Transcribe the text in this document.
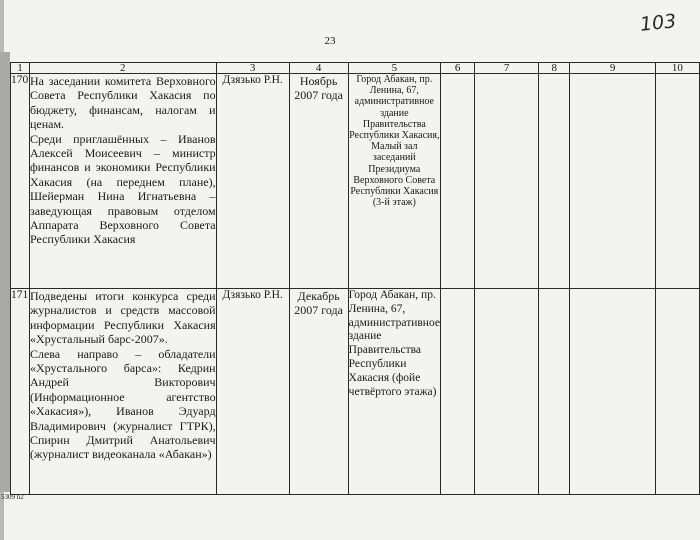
23
103
5309 h2
1	2	3	4	5	6	7	8	9	10
170	На заседании комитета Верховного Совета Республики Хакасия по бюджету, финансам, налогам и ценам.

Среди приглашённых – Иванов Алексей Моисеевич – министр финансов и экономики Республики Хакасия (на переднем плане), Шейерман Нина Игнатьевна – заведующая правовым отделом Аппарата Верховного Совета Республики Хакасия	Дзязько Р.Н.	Ноябрь 2007 года	Город Абакан, пр. Ленина, 67, административное здание Правительства Республики Хакасия, Малый зал заседаний Президиума Верховного Совета Республики Хакасия (3-й этаж)					
171	Подведены итоги конкурса среди журналистов и средств массовой информации Республики Хакасия «Хрустальный барс-2007».

Слева направо – обладатели «Хрустального барса»: Кедрин Андрей Викторович (Информационное агентство «Хакасия»), Иванов Эдуард Владимирович (журналист ГТРК), Спирин Дмитрий Анатольевич (журналист видеоканала «Абакан»)	Дзязько Р.Н.	Декабрь 2007 года	Город Абакан, пр. Ленина, 67, административное здание Правительства Республики Хакасия (фойе четвёртого этажа)					
